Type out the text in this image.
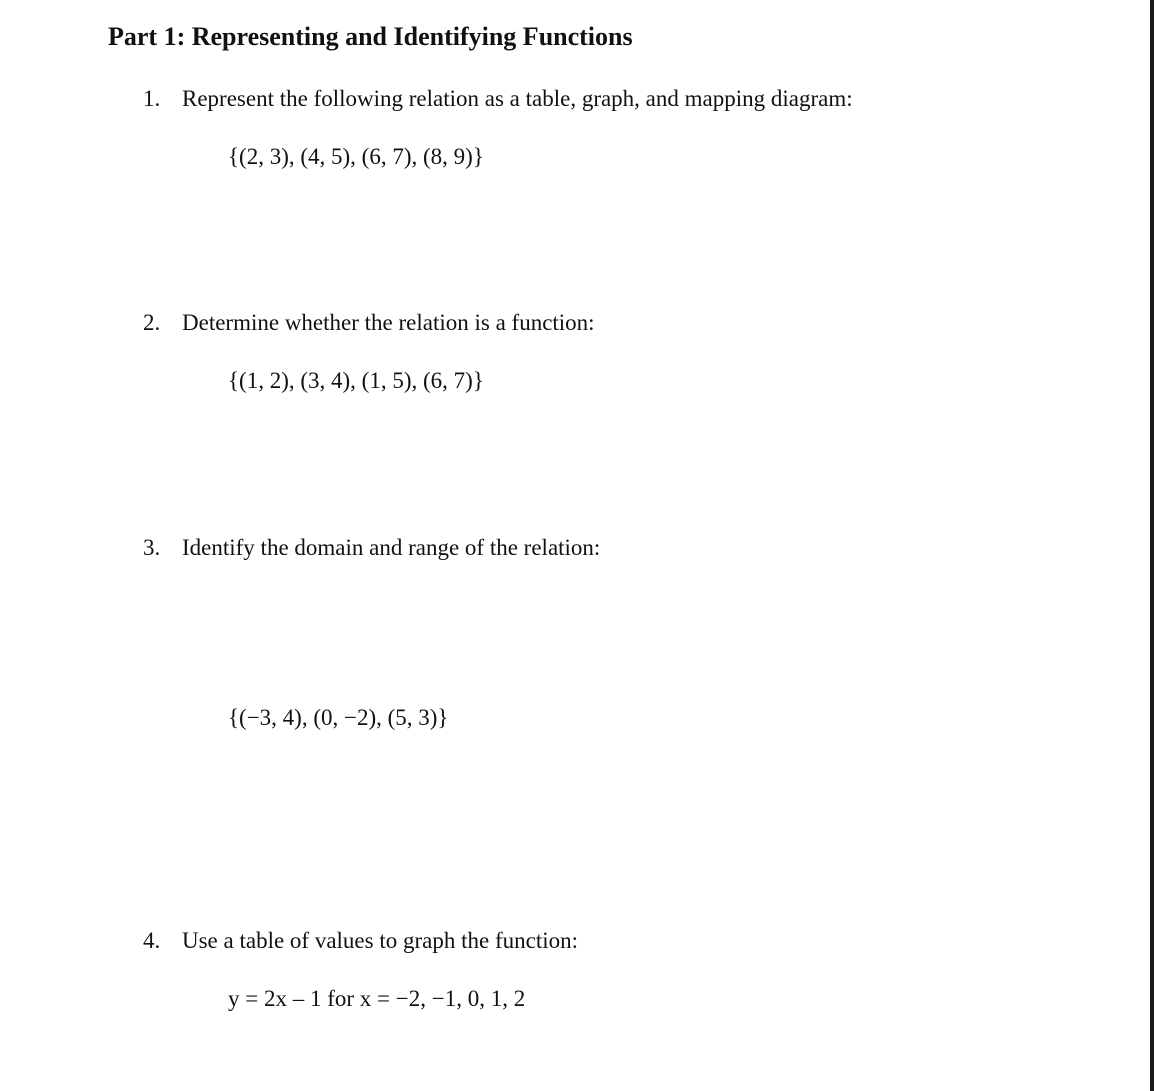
Part 1: Representing and Identifying Functions
1. Represent the following relation as a table, graph, and mapping diagram:
{(2, 3), (4, 5), (6, 7), (8, 9)}
2. Determine whether the relation is a function:
{(1, 2), (3, 4), (1, 5), (6, 7)}
3. Identify the domain and range of the relation:
{(−3, 4), (0, −2), (5, 3)}
4. Use a table of values to graph the function:
y = 2x – 1 for x = −2, −1, 0, 1, 2
